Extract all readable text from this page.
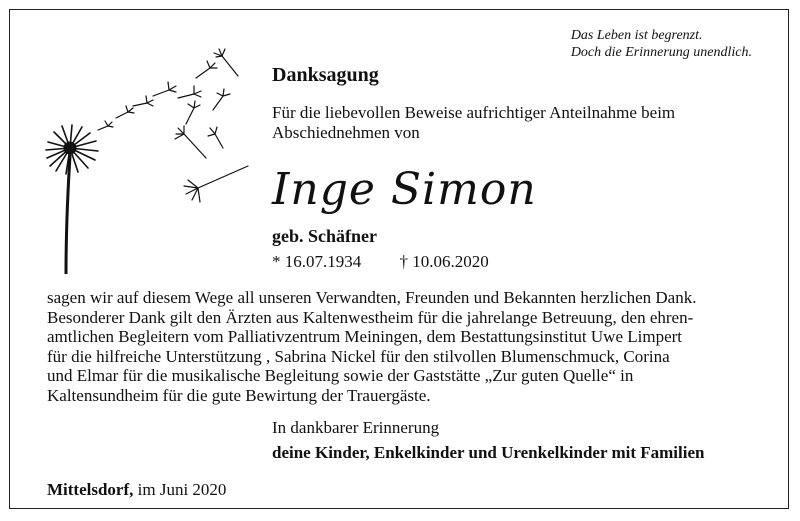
Das Leben ist begrenzt.
Doch die Erinnerung unendlich.
Danksagung
Für die liebevollen Beweise aufrichtiger Anteilnahme beim
Abschiednehmen von
Inge Simon
geb. Schäfner
* 16.07.1934 † 10.06.2020
sagen wir auf diesem Wege all unseren Verwandten, Freunden und Bekannten herzlichen Dank.
Besonderer Dank gilt den Ärzten aus Kaltenwestheim für die jahrelange Betreuung, den ehren-
amtlichen Begleitern vom Palliativzentrum Meiningen, dem Bestattungsinstitut Uwe Limpert
für die hilfreiche Unterstützung , Sabrina Nickel für den stilvollen Blumenschmuck, Corina
und Elmar für die musikalische Begleitung sowie der Gaststätte „Zur guten Quelle“ in
Kaltensundheim für die gute Bewirtung der Trauergäste.
In dankbarer Erinnerung
deine Kinder, Enkelkinder und Urenkelkinder mit Familien
Mittelsdorf, im Juni 2020
